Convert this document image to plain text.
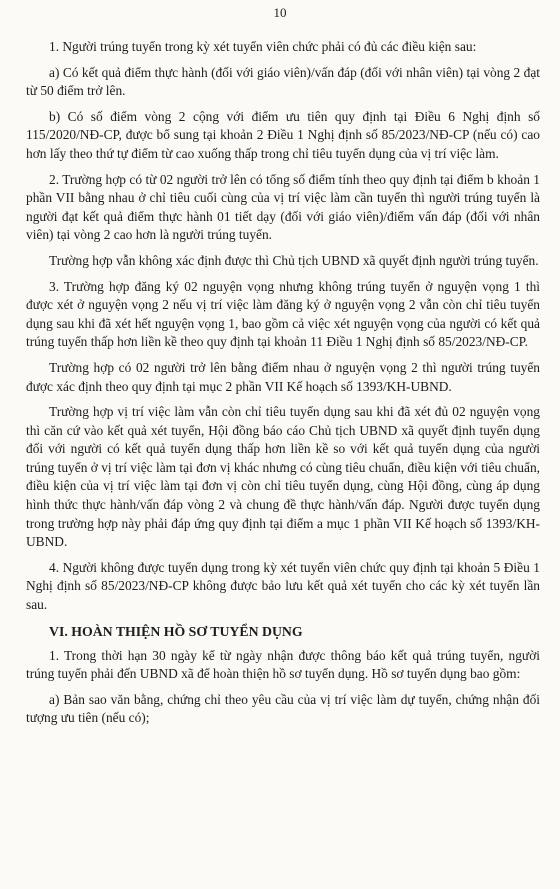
10

1. Người trúng tuyển trong kỳ xét tuyển viên chức phải có đủ các điều kiện sau:

a) Có kết quả điểm thực hành (đối với giáo viên)/vấn đáp (đối với nhân viên) tại vòng 2 đạt từ 50 điểm trở lên.

b) Có số điểm vòng 2 cộng với điểm ưu tiên quy định tại Điều 6 Nghị định số 115/2020/NĐ-CP, được bổ sung tại khoản 2 Điều 1 Nghị định số 85/2023/NĐ-CP (nếu có) cao hơn lấy theo thứ tự điểm từ cao xuống thấp trong chỉ tiêu tuyển dụng của vị trí việc làm.

2. Trường hợp có từ 02 người trở lên có tổng số điểm tính theo quy định tại điểm b khoản 1 phần VII bằng nhau ở chỉ tiêu cuối cùng của vị trí việc làm cần tuyển thì người trúng tuyển là người đạt kết quả điểm thực hành 01 tiết dạy (đối với giáo viên)/điểm vấn đáp (đối với nhân viên) tại vòng 2 cao hơn là người trúng tuyển.

Trường hợp vẫn không xác định được thì Chủ tịch UBND xã quyết định người trúng tuyển.

3. Trường hợp đăng ký 02 nguyện vọng nhưng không trúng tuyển ở nguyện vọng 1 thì được xét ở nguyện vọng 2 nếu vị trí việc làm đăng ký ở nguyện vọng 2 vẫn còn chỉ tiêu tuyển dụng sau khi đã xét hết nguyện vọng 1, bao gồm cả việc xét nguyện vọng của người có kết quả trúng tuyển thấp hơn liền kề theo quy định tại khoản 11 Điều 1 Nghị định số 85/2023/NĐ-CP.

Trường hợp có 02 người trở lên bằng điểm nhau ở nguyện vọng 2 thì người trúng tuyển được xác định theo quy định tại mục 2 phần VII Kế hoạch số 1393/KH-UBND.

Trường hợp vị trí việc làm vẫn còn chỉ tiêu tuyển dụng sau khi đã xét đủ 02 nguyện vọng thì căn cứ vào kết quả xét tuyển, Hội đồng báo cáo Chủ tịch UBND xã quyết định tuyển dụng đối với người có kết quả tuyển dụng thấp hơn liền kề so với kết quả tuyển dụng của người trúng tuyển ở vị trí việc làm tại đơn vị khác nhưng có cùng tiêu chuẩn, điều kiện với tiêu chuẩn, điều kiện của vị trí việc làm tại đơn vị còn chỉ tiêu tuyển dụng, cùng Hội đồng, cùng áp dụng hình thức thực hành/vấn đáp vòng 2 và chung đề thực hành/vấn đáp. Người được tuyển dụng trong trường hợp này phải đáp ứng quy định tại điểm a mục 1 phần VII Kế hoạch số 1393/KH-UBND.

4. Người không được tuyển dụng trong kỳ xét tuyển viên chức quy định tại khoản 5 Điều 1 Nghị định số 85/2023/NĐ-CP không được bảo lưu kết quả xét tuyển cho các kỳ xét tuyển lần sau.

VI. HOÀN THIỆN HỒ SƠ TUYỂN DỤNG

1. Trong thời hạn 30 ngày kể từ ngày nhận được thông báo kết quả trúng tuyển, người trúng tuyển phải đến UBND xã để hoàn thiện hồ sơ tuyển dụng. Hồ sơ tuyển dụng bao gồm:

a) Bản sao văn bằng, chứng chỉ theo yêu cầu của vị trí việc làm dự tuyển, chứng nhận đối tượng ưu tiên (nếu có);
